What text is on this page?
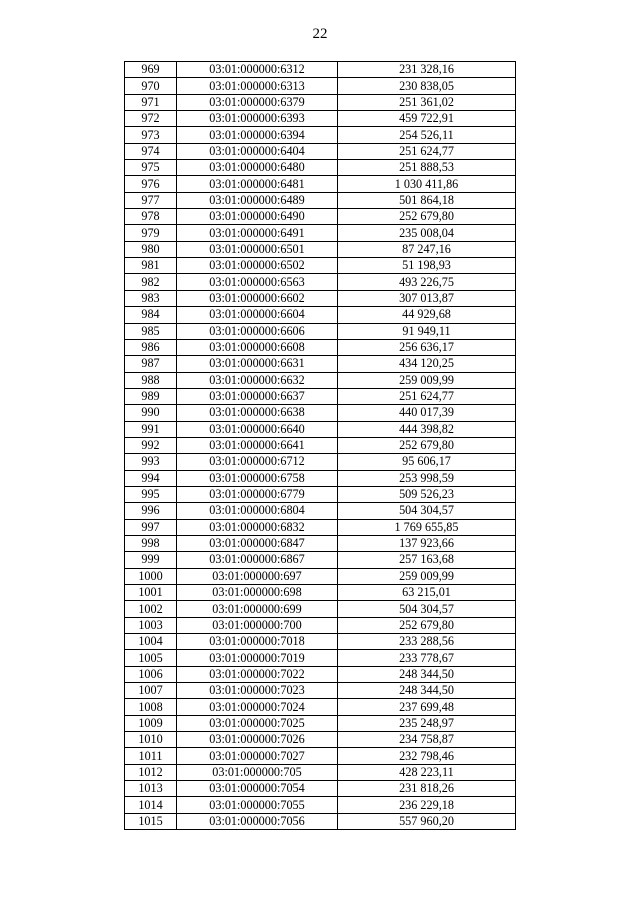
22
969	03:01:000000:6312	231 328,16
970	03:01:000000:6313	230 838,05
971	03:01:000000:6379	251 361,02
972	03:01:000000:6393	459 722,91
973	03:01:000000:6394	254 526,11
974	03:01:000000:6404	251 624,77
975	03:01:000000:6480	251 888,53
976	03:01:000000:6481	1 030 411,86
977	03:01:000000:6489	501 864,18
978	03:01:000000:6490	252 679,80
979	03:01:000000:6491	235 008,04
980	03:01:000000:6501	87 247,16
981	03:01:000000:6502	51 198,93
982	03:01:000000:6563	493 226,75
983	03:01:000000:6602	307 013,87
984	03:01:000000:6604	44 929,68
985	03:01:000000:6606	91 949,11
986	03:01:000000:6608	256 636,17
987	03:01:000000:6631	434 120,25
988	03:01:000000:6632	259 009,99
989	03:01:000000:6637	251 624,77
990	03:01:000000:6638	440 017,39
991	03:01:000000:6640	444 398,82
992	03:01:000000:6641	252 679,80
993	03:01:000000:6712	95 606,17
994	03:01:000000:6758	253 998,59
995	03:01:000000:6779	509 526,23
996	03:01:000000:6804	504 304,57
997	03:01:000000:6832	1 769 655,85
998	03:01:000000:6847	137 923,66
999	03:01:000000:6867	257 163,68
1000	03:01:000000:697	259 009,99
1001	03:01:000000:698	63 215,01
1002	03:01:000000:699	504 304,57
1003	03:01:000000:700	252 679,80
1004	03:01:000000:7018	233 288,56
1005	03:01:000000:7019	233 778,67
1006	03:01:000000:7022	248 344,50
1007	03:01:000000:7023	248 344,50
1008	03:01:000000:7024	237 699,48
1009	03:01:000000:7025	235 248,97
1010	03:01:000000:7026	234 758,87
1011	03:01:000000:7027	232 798,46
1012	03:01:000000:705	428 223,11
1013	03:01:000000:7054	231 818,26
1014	03:01:000000:7055	236 229,18
1015	03:01:000000:7056	557 960,20
